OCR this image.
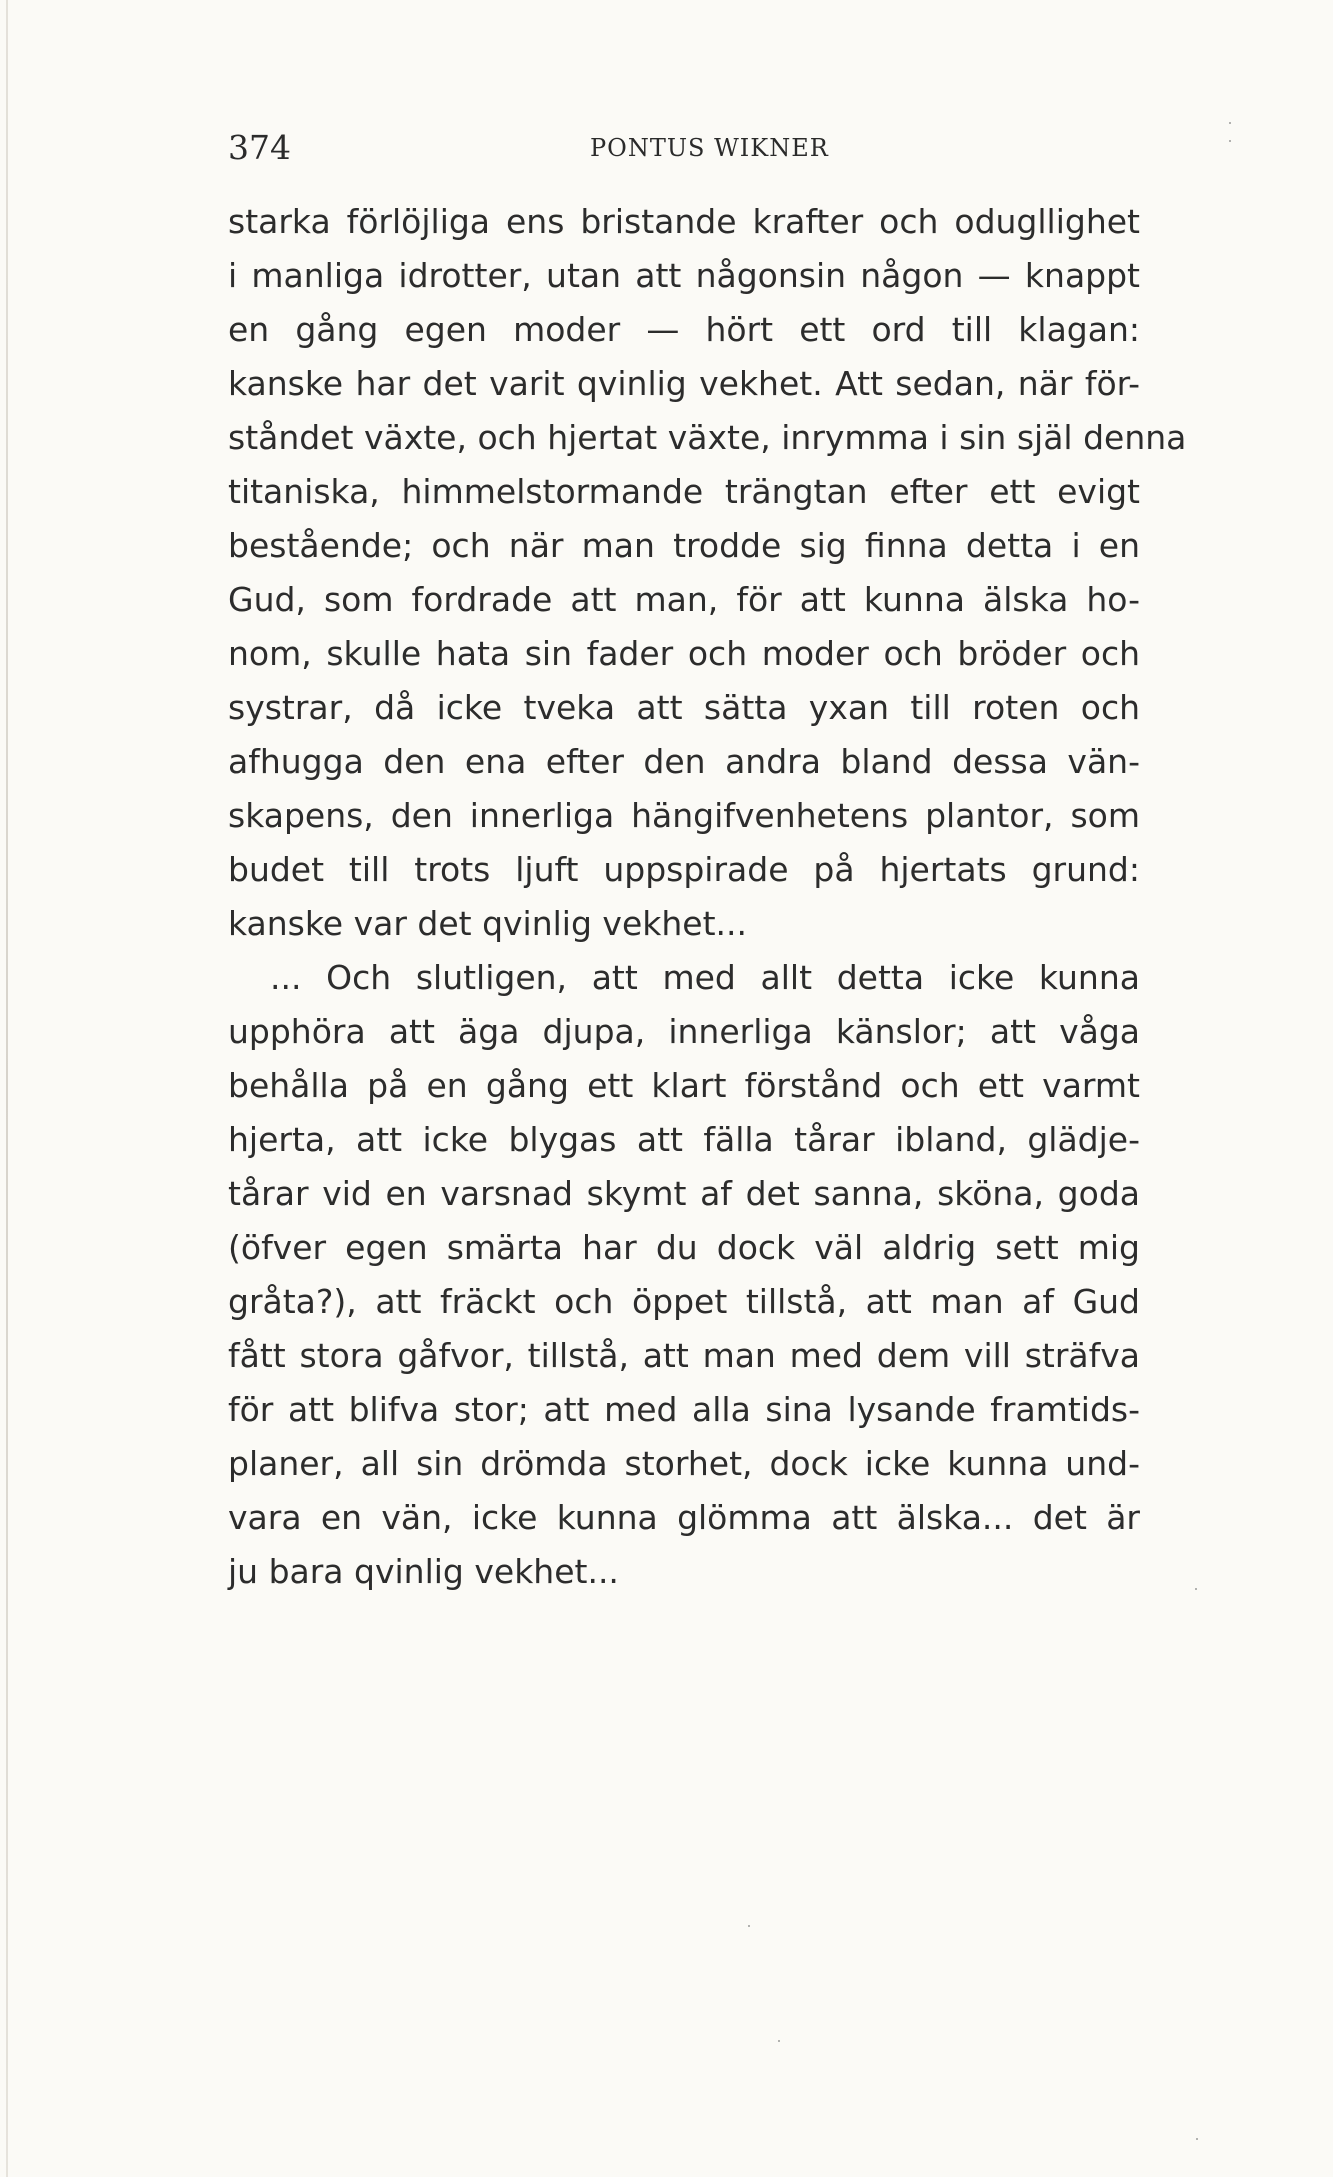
374	PONTUS WIKNER
starka förlöjliga ens bristande krafter och odugllighet
i manliga idrotter, utan att någonsin någon — knappt
en gång egen moder — hört ett ord till klagan:
kanske har det varit qvinlig vekhet. Att sedan, när för-
ståndet växte, och hjertat växte, inrymma i sin själ denna
titaniska, himmelstormande trängtan efter ett evigt
bestående; och när man trodde sig finna detta i en
Gud, som fordrade att man, för att kunna älska ho-
nom, skulle hata sin fader och moder och bröder och
systrar, då icke tveka att sätta yxan till roten och
afhugga den ena efter den andra bland dessa vän-
skapens, den innerliga hängifvenhetens plantor, som
budet till trots ljuft uppspirade på hjertats grund:
kanske var det qvinlig vekhet...
... Och slutligen, att med allt detta icke kunna
upphöra att äga djupa, innerliga känslor; att våga
behålla på en gång ett klart förstånd och ett varmt
hjerta, att icke blygas att fälla tårar ibland, glädje-
tårar vid en varsnad skymt af det sanna, sköna, goda
(öfver egen smärta har du dock väl aldrig sett mig
gråta?), att fräckt och öppet tillstå, att man af Gud
fått stora gåfvor, tillstå, att man med dem vill sträfva
för att blifva stor; att med alla sina lysande framtids-
planer, all sin drömda storhet, dock icke kunna und-
vara en vän, icke kunna glömma att älska... det är
ju bara qvinlig vekhet...
